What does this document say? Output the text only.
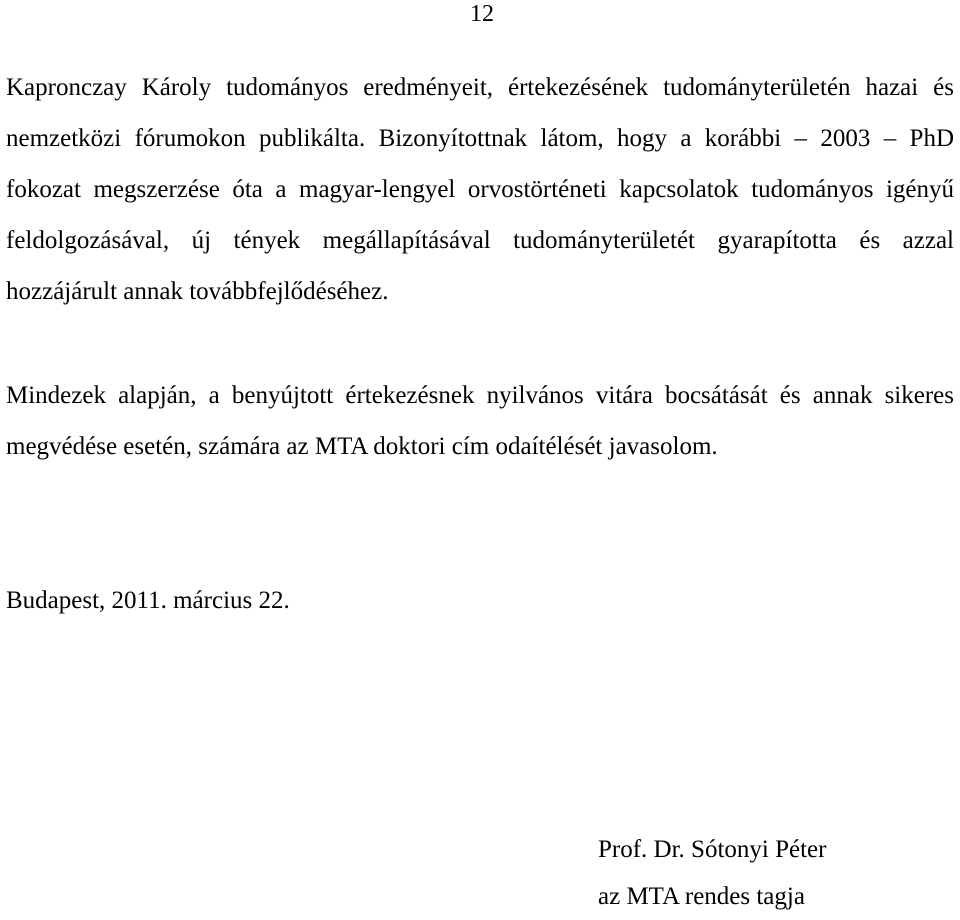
12

Kapronczay Károly tudományos eredményeit, értekezésének tudományterületén hazai és nemzetközi fórumokon publikálta. Bizonyítottnak látom, hogy a korábbi – 2003 – PhD fokozat megszerzése óta a magyar-lengyel orvostörténeti kapcsolatok tudományos igényű feldolgozásával, új tények megállapításával tudományterületét gyarapította és azzal hozzájárult annak továbbfejlődéséhez.

Mindezek alapján, a benyújtott értekezésnek nyilvános vitára bocsátását és annak sikeres megvédése esetén, számára az MTA doktori cím odaítélését javasolom.

Budapest, 2011. március 22.

Prof. Dr. Sótonyi Péter
az MTA rendes tagja
